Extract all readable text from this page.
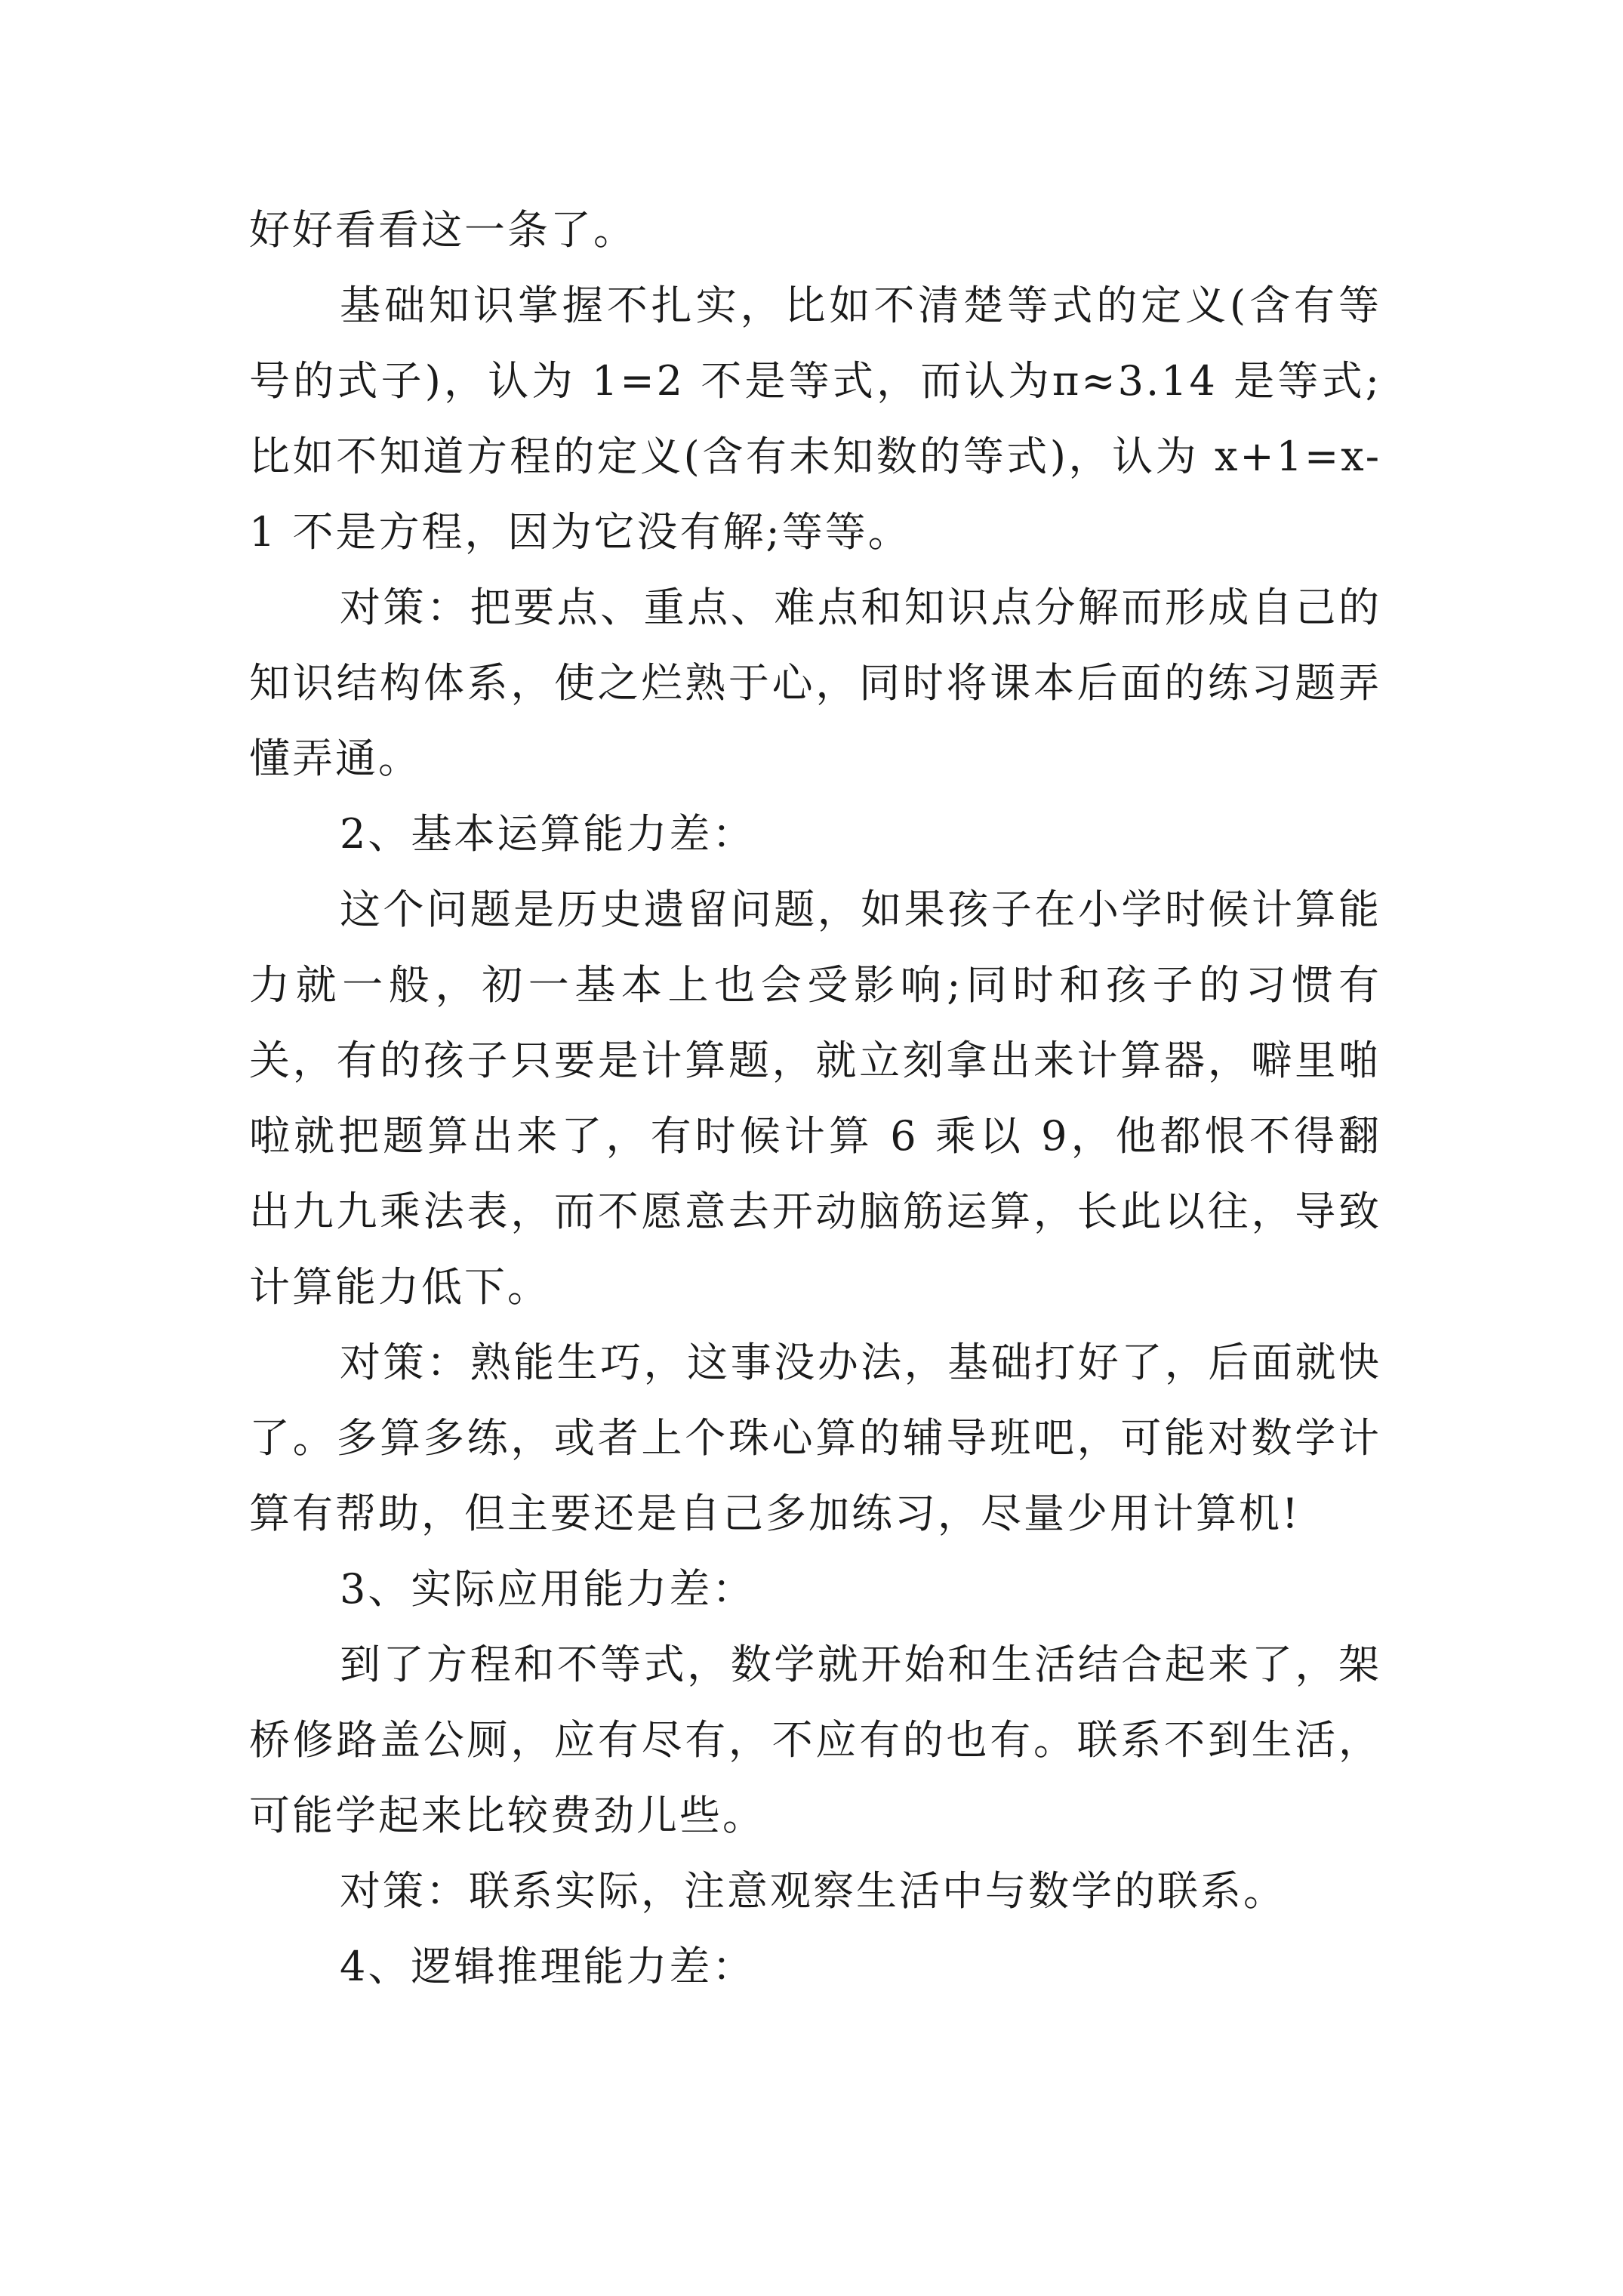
好好看看这一条了。

基础知识掌握不扎实，比如不清楚等式的定义(含有等号的式子)，认为 1=2 不是等式，而认为π≈3.14 是等式;比如不知道方程的定义(含有未知数的等式)，认为 x+1=x-1 不是方程，因为它没有解;等等。

对策：把要点、重点、难点和知识点分解而形成自己的知识结构体系，使之烂熟于心，同时将课本后面的练习题弄懂弄通。

2、基本运算能力差：

这个问题是历史遗留问题，如果孩子在小学时候计算能力就一般，初一基本上也会受影响;同时和孩子的习惯有关，有的孩子只要是计算题，就立刻拿出来计算器，噼里啪啦就把题算出来了，有时候计算 6 乘以 9，他都恨不得翻出九九乘法表，而不愿意去开动脑筋运算，长此以往，导致计算能力低下。

对策：熟能生巧，这事没办法，基础打好了，后面就快了。多算多练，或者上个珠心算的辅导班吧，可能对数学计算有帮助，但主要还是自己多加练习，尽量少用计算机!

3、实际应用能力差：

到了方程和不等式，数学就开始和生活结合起来了，架桥修路盖公厕，应有尽有，不应有的也有。联系不到生活，可能学起来比较费劲儿些。

对策：联系实际，注意观察生活中与数学的联系。

4、逻辑推理能力差：
